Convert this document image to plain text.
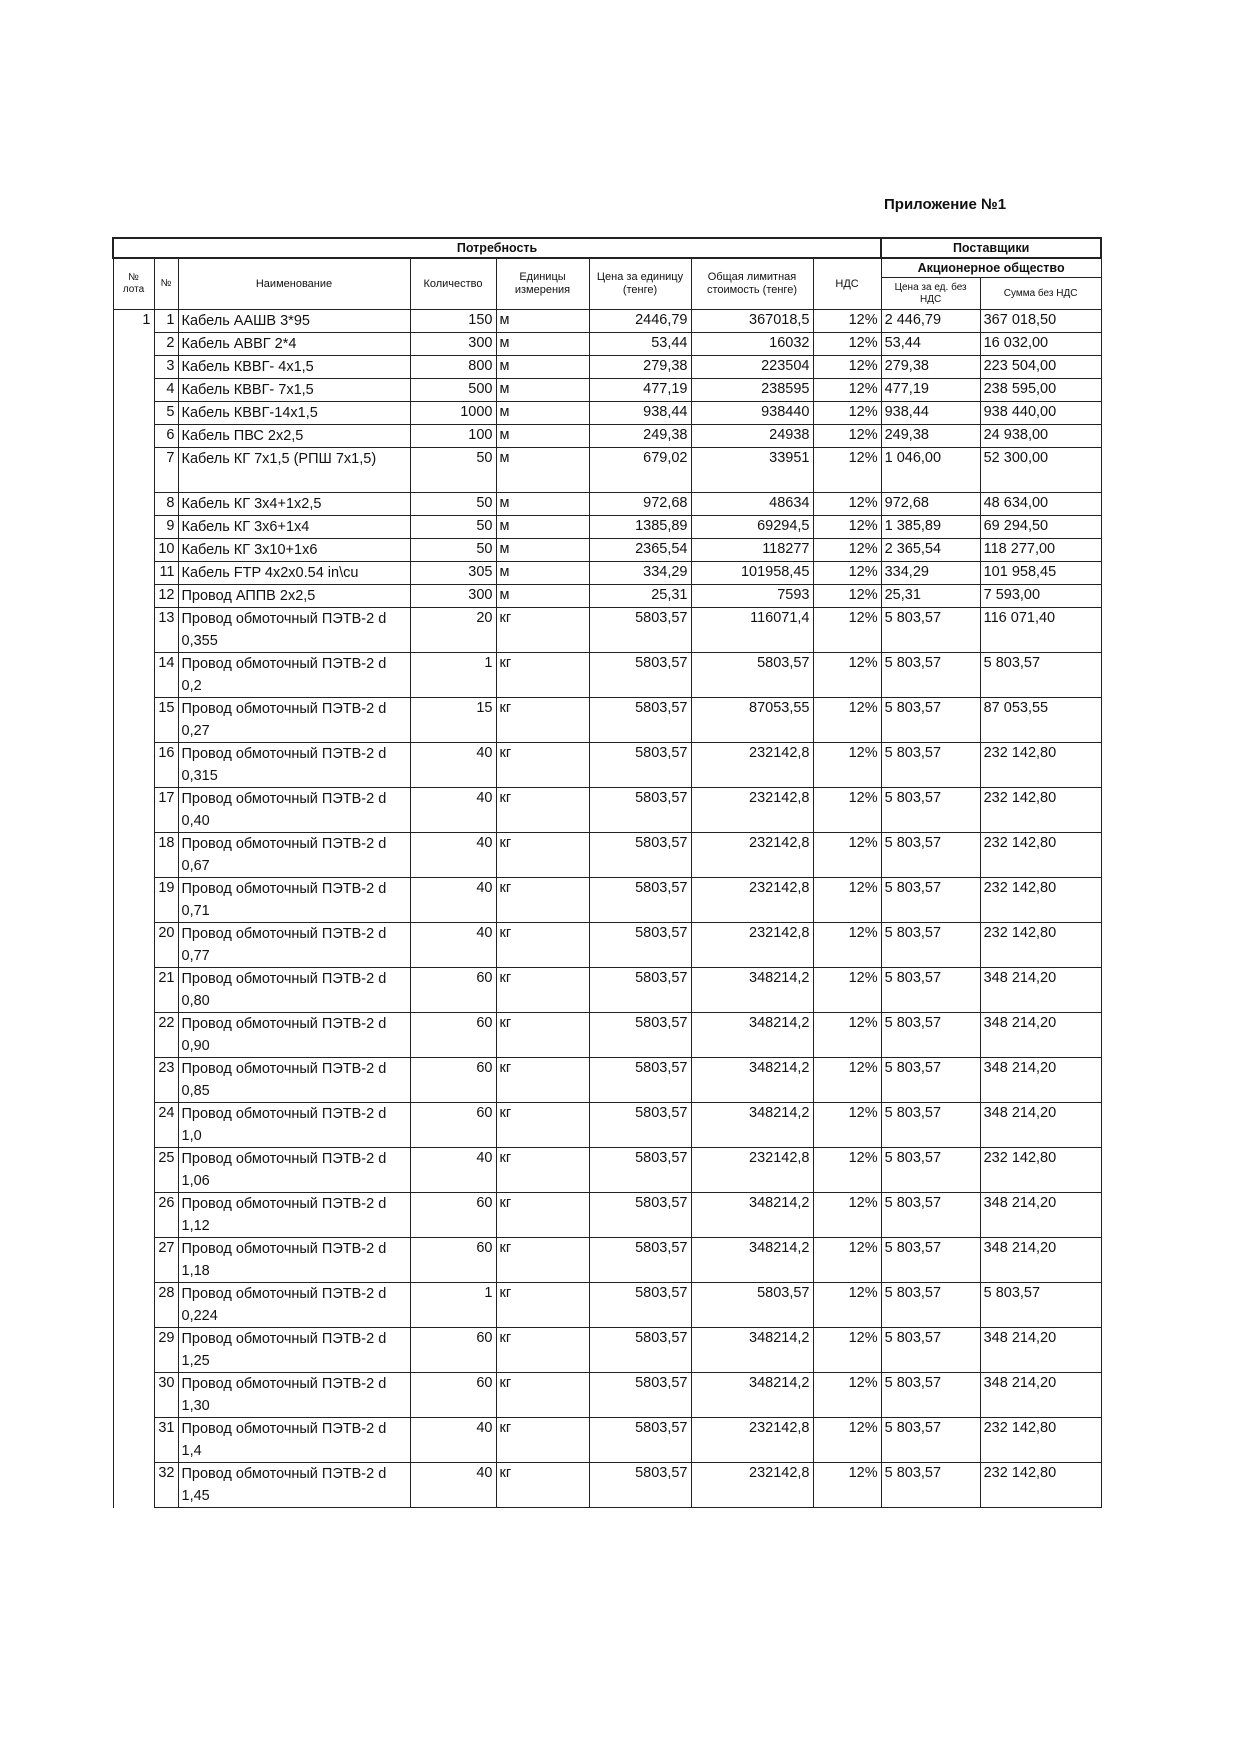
Приложение №1
Потребность								Поставщики	
№ лота	№	Наименование	Количество	Единицы измерения	Цена за единицу (тенге)	Общая лимитная стоимость (тенге)	НДС	Акционерное общество	
								Цена за ед. без НДС	Сумма без НДС
1	1	Кабель ААШВ 3*95	150	м	2446,79	367018,5	12%	2 446,79	367 018,50
	2	Кабель АВВГ 2*4	300	м	53,44	16032	12%	53,44	16 032,00
	3	Кабель КВВГ- 4х1,5	800	м	279,38	223504	12%	279,38	223 504,00
	4	Кабель КВВГ- 7х1,5	500	м	477,19	238595	12%	477,19	238 595,00
	5	Кабель КВВГ-14х1,5	1000	м	938,44	938440	12%	938,44	938 440,00
	6	Кабель ПВС 2х2,5	100	м	249,38	24938	12%	249,38	24 938,00
	7	Кабель КГ 7х1,5 (РПШ 7х1,5)	50	м	679,02	33951	12%	1 046,00	52 300,00
	8	Кабель КГ 3х4+1х2,5	50	м	972,68	48634	12%	972,68	48 634,00
	9	Кабель КГ 3х6+1х4	50	м	1385,89	69294,5	12%	1 385,89	69 294,50
	10	Кабель КГ 3х10+1х6	50	м	2365,54	118277	12%	2 365,54	118 277,00
	11	Кабель FTP 4x2x0.54 in\cu	305	м	334,29	101958,45	12%	334,29	101 958,45
	12	Провод АППВ 2х2,5	300	м	25,31	7593	12%	25,31	7 593,00
	13	Провод обмоточный ПЭТВ-2 d 0,355	20	кг	5803,57	116071,4	12%	5 803,57	116 071,40
	14	Провод обмоточный ПЭТВ-2 d 0,2	1	кг	5803,57	5803,57	12%	5 803,57	5 803,57
	15	Провод обмоточный ПЭТВ-2 d 0,27	15	кг	5803,57	87053,55	12%	5 803,57	87 053,55
	16	Провод обмоточный ПЭТВ-2 d 0,315	40	кг	5803,57	232142,8	12%	5 803,57	232 142,80
	17	Провод обмоточный ПЭТВ-2 d 0,40	40	кг	5803,57	232142,8	12%	5 803,57	232 142,80
	18	Провод обмоточный ПЭТВ-2 d 0,67	40	кг	5803,57	232142,8	12%	5 803,57	232 142,80
	19	Провод обмоточный ПЭТВ-2 d 0,71	40	кг	5803,57	232142,8	12%	5 803,57	232 142,80
	20	Провод обмоточный ПЭТВ-2 d 0,77	40	кг	5803,57	232142,8	12%	5 803,57	232 142,80
	21	Провод обмоточный ПЭТВ-2 d 0,80	60	кг	5803,57	348214,2	12%	5 803,57	348 214,20
	22	Провод обмоточный ПЭТВ-2 d 0,90	60	кг	5803,57	348214,2	12%	5 803,57	348 214,20
	23	Провод обмоточный ПЭТВ-2 d 0,85	60	кг	5803,57	348214,2	12%	5 803,57	348 214,20
	24	Провод обмоточный ПЭТВ-2 d 1,0	60	кг	5803,57	348214,2	12%	5 803,57	348 214,20
	25	Провод обмоточный ПЭТВ-2 d 1,06	40	кг	5803,57	232142,8	12%	5 803,57	232 142,80
	26	Провод обмоточный ПЭТВ-2 d 1,12	60	кг	5803,57	348214,2	12%	5 803,57	348 214,20
	27	Провод обмоточный ПЭТВ-2 d 1,18	60	кг	5803,57	348214,2	12%	5 803,57	348 214,20
	28	Провод обмоточный ПЭТВ-2 d 0,224	1	кг	5803,57	5803,57	12%	5 803,57	5 803,57
	29	Провод обмоточный ПЭТВ-2 d 1,25	60	кг	5803,57	348214,2	12%	5 803,57	348 214,20
	30	Провод обмоточный ПЭТВ-2 d 1,30	60	кг	5803,57	348214,2	12%	5 803,57	348 214,20
	31	Провод обмоточный ПЭТВ-2 d 1,4	40	кг	5803,57	232142,8	12%	5 803,57	232 142,80
	32	Провод обмоточный ПЭТВ-2 d 1,45	40	кг	5803,57	232142,8	12%	5 803,57	232 142,80
